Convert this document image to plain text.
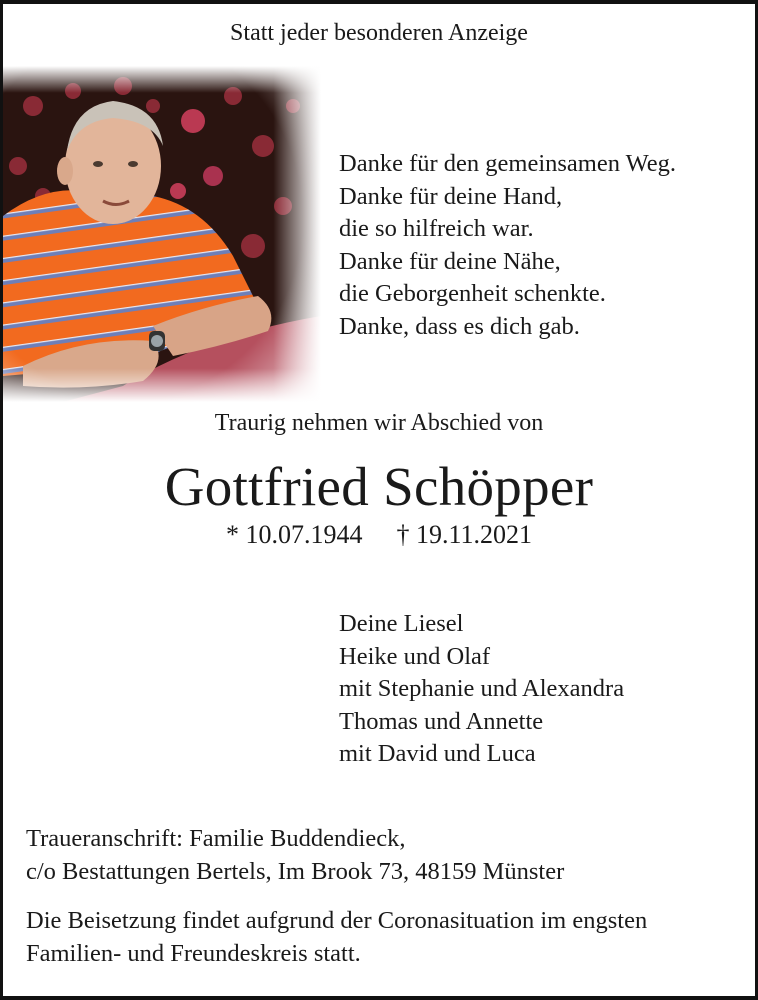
Statt jeder besonderen Anzeige
Danke für den gemeinsamen Weg.
Danke für deine Hand,
die so hilfreich war.
Danke für deine Nähe,
die Geborgenheit schenkte.
Danke, dass es dich gab.
Traurig nehmen wir Abschied von
Gottfried Schöpper
* 10.07.1944 † 19.11.2021
Deine Liesel
Heike und Olaf
mit Stephanie und Alexandra
Thomas und Annette
mit David und Luca
Traueranschrift: Familie Buddendieck,
c/o Bestattungen Bertels, Im Brook 73, 48159 Münster
Die Beisetzung findet aufgrund der Coronasituation im engsten
Familien- und Freundeskreis statt.
